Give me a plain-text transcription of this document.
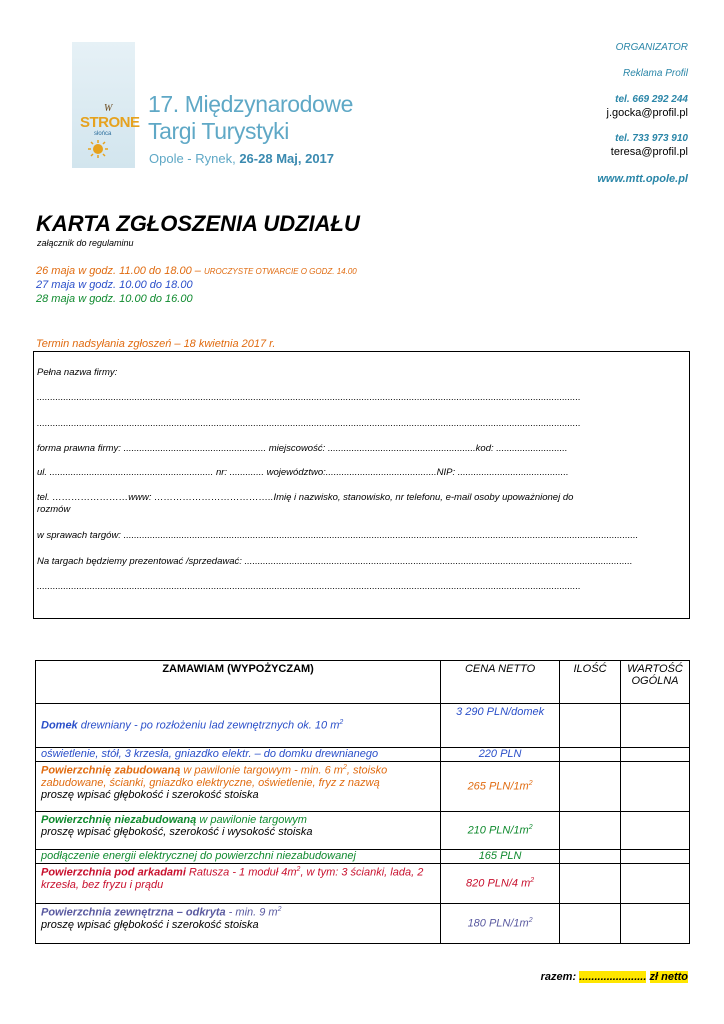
W
STRONE
słońca
17. Międzynarodowe
Targi Turystyki
Opole - Rynek, 26-28 Maj, 2017
ORGANIZATOR
Reklama Profil
tel. 669 292 244
j.gocka@profil.pl
tel. 733 973 910
teresa@profil.pl
www.mtt.opole.pl
KARTA ZGŁOSZENIA UDZIAŁU
załącznik do regulaminu
26 maja w godz. 11.00 do 18.00 – UROCZYSTE OTWARCIE O GODZ. 14.00
27 maja w godz. 10.00 do 18.00
28 maja w godz. 10.00 do 16.00
Termin nadsyłania zgłoszeń – 18 kwietnia 2017 r.
Pełna nazwa firmy:
..............................................................................................................................................................................................................
..............................................................................................................................................................................................................
forma prawna firmy: ...................................................... miejscowość: ........................................................kod: ...........................
ul. .............................................................. nr: ............. województwo:..........................................NIP: ..........................................
tel. ……………………www: ………………………………..Imię i nazwisko, stanowisko, nr telefonu, e-mail osoby upoważnionej do
rozmów
w sprawach targów: ...................................................................................................................................................................................................
Na targach będziemy prezentować /sprzedawać: ...................................................................................................................................................
..............................................................................................................................................................................................................
ZAMAWIAM (WYPOŻYCZAM)	CENA NETTO	ILOŚĆ	WARTOŚĆ OGÓLNA
Domek drewniany - po rozłożeniu lad zewnętrznych ok. 10 $m^2$	3 290 PLN/domek		
oświetlenie, stół, 3 krzesła, gniazdko elektr. – do domku drewnianego	220 PLN		
Powierzchnię zabudowaną w pawilonie targowym - min. 6 $m^2$, stoisko zabudowane, ścianki, gniazdko elektryczne, oświetlenie, fryz z nazwą
proszę wpisać głębokość i szerokość stoiska	265 PLN/$1m^2$		
Powierzchnię niezabudowaną w pawilonie targowym
proszę wpisać głębokość, szerokość i wysokość stoiska	210 PLN/$1m^2$		
podłączenie energii elektrycznej do powierzchni niezabudowanej	165 PLN		
Powierzchnia pod arkadami Ratusza - 1 moduł $4m^2$, w tym: 3 ścianki, lada, 2 krzesła, bez fryzu i prądu	820 PLN/4 $m^2$		
Powierzchnia zewnętrzna – odkryta - min. 9 $m^2$
proszę wpisać głębokość i szerokość stoiska	180 PLN/$1m^2$		
razem: ...................... zł netto
